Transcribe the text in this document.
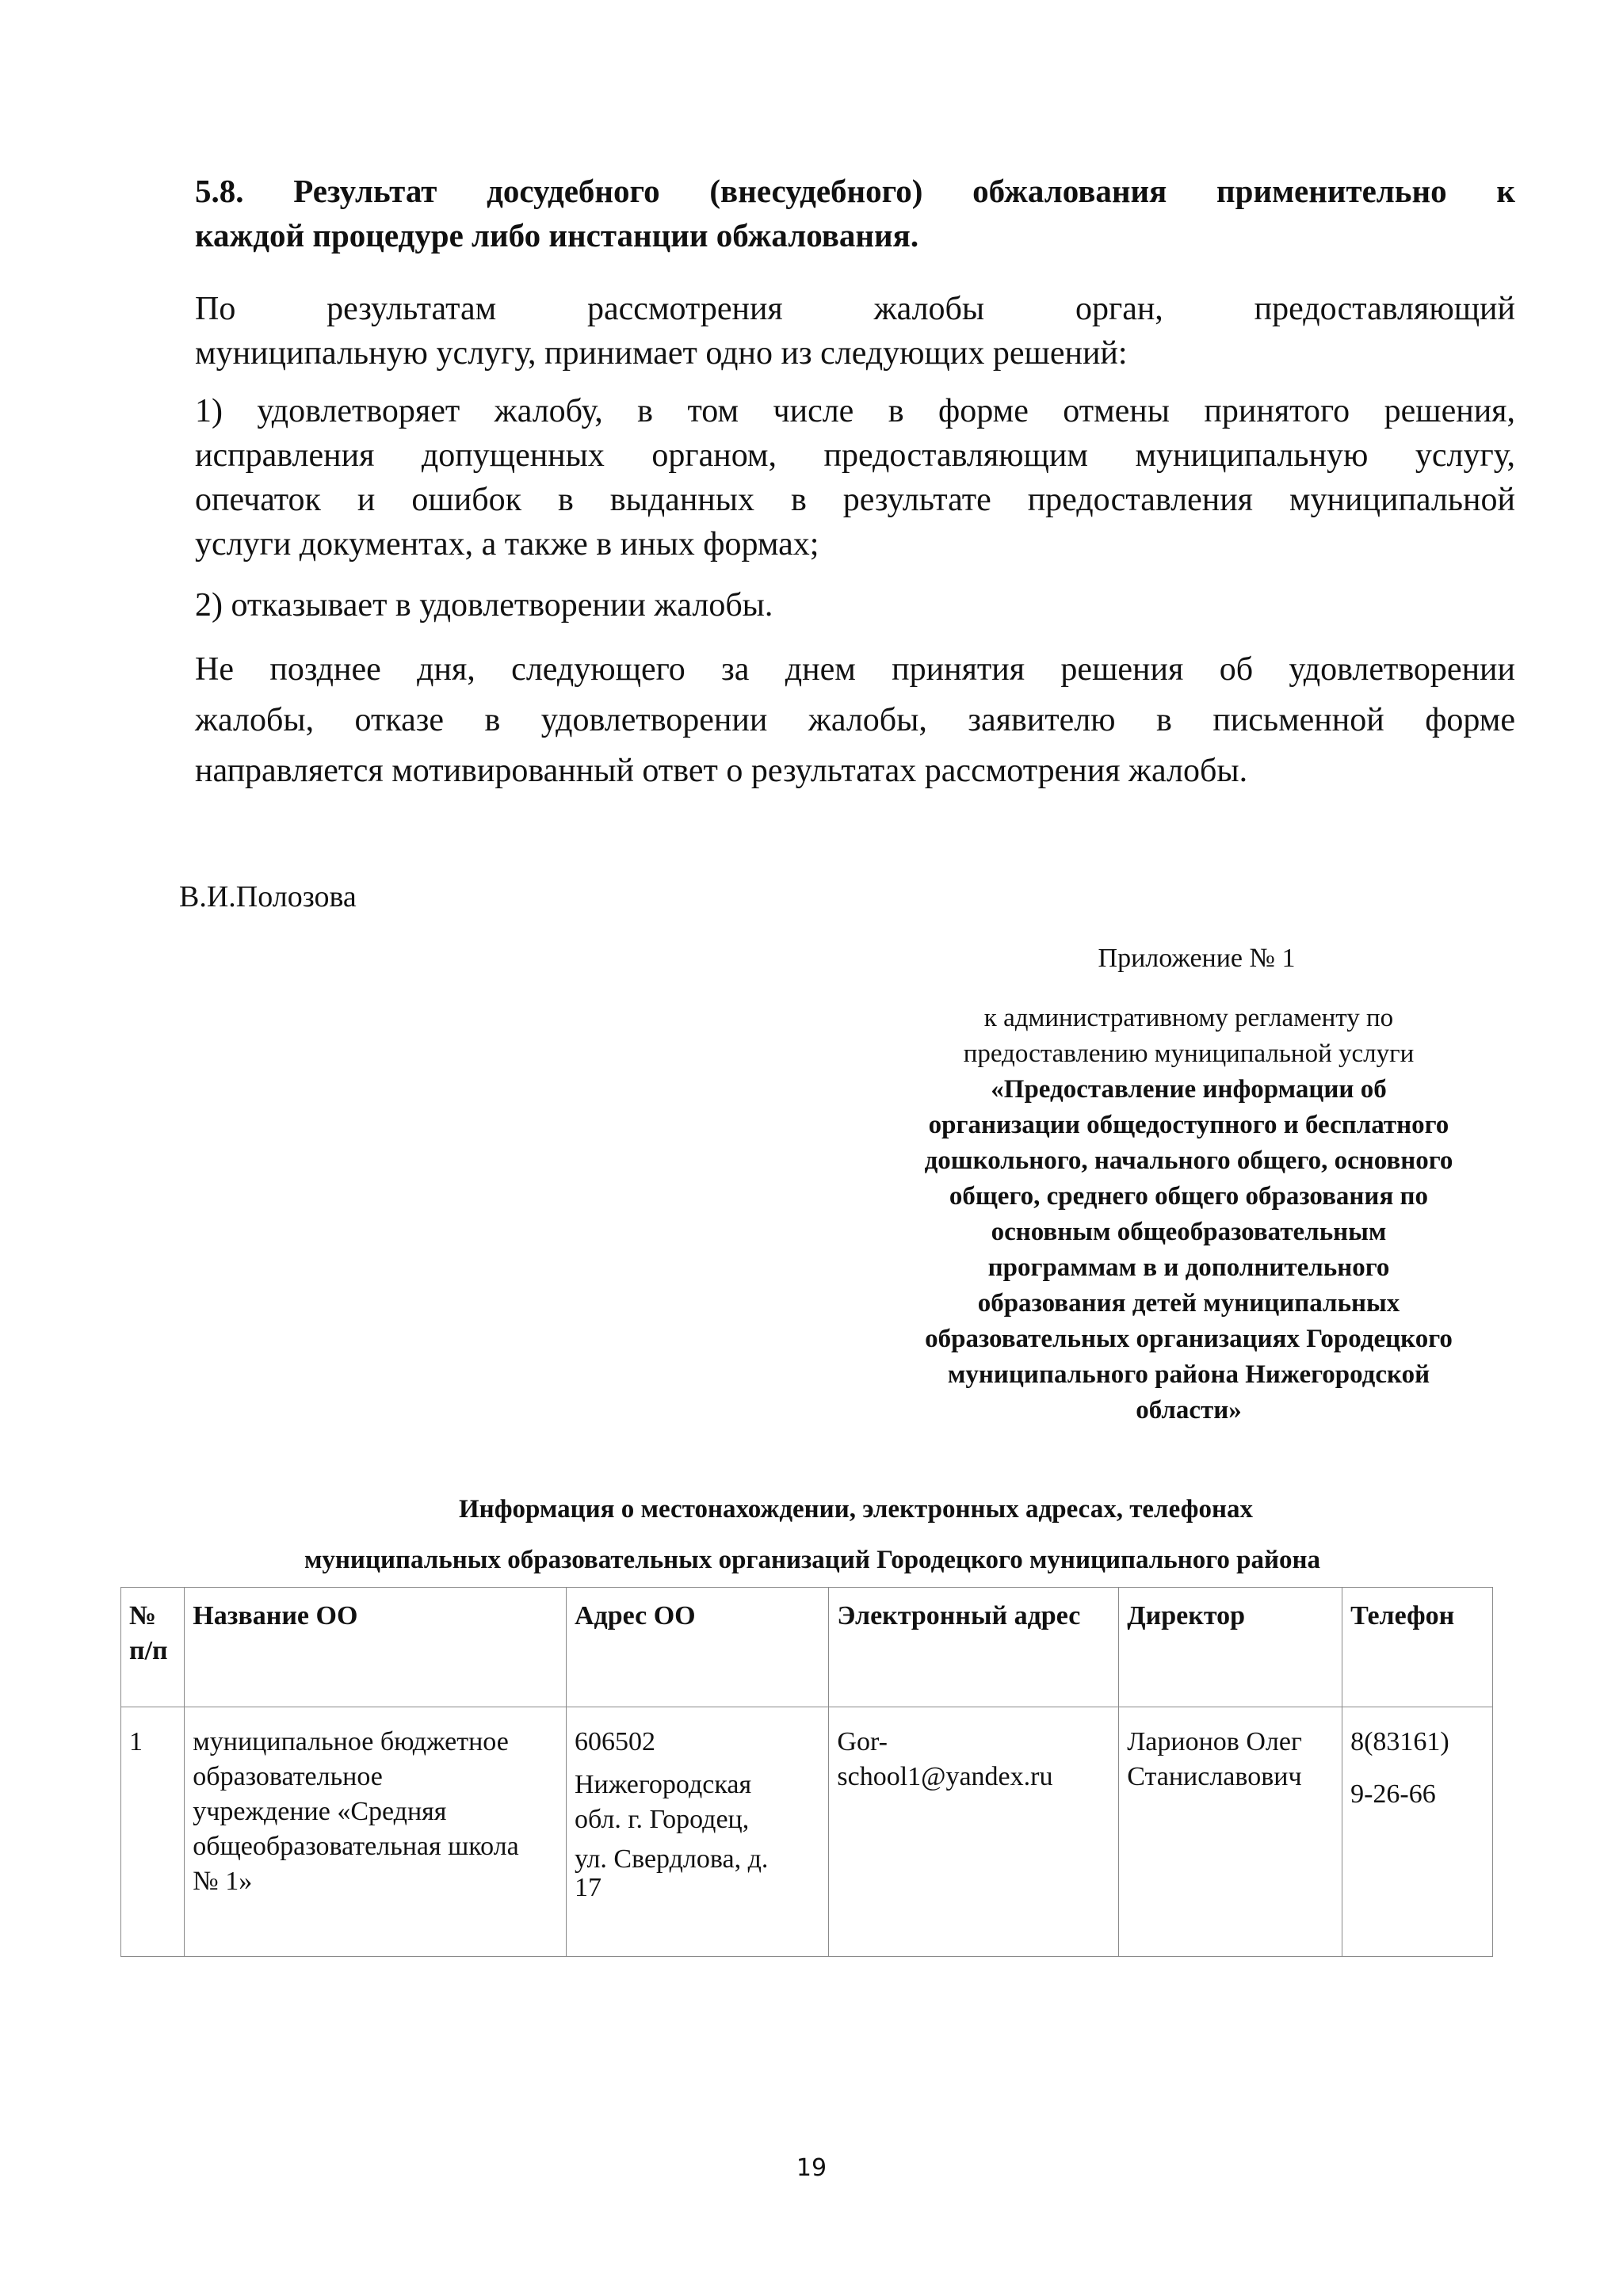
5.8. Результат досудебного (внесудебного) обжалования применительно к
каждой процедуре либо инстанции обжалования.

По результатам рассмотрения жалобы орган, предоставляющий
муниципальную услугу, принимает одно из следующих решений:

1) удовлетворяет жалобу, в том числе в форме отмены принятого решения,
исправления допущенных органом, предоставляющим муниципальную услугу,
опечаток и ошибок в выданных в результате предоставления муниципальной
услуги документах, а также в иных формах;

2) отказывает в удовлетворении жалобы.

Не позднее дня, следующего за днем принятия решения об удовлетворении
жалобы, отказе в удовлетворении жалобы, заявителю в письменной форме
направляется мотивированный ответ о результатах рассмотрения жалобы.

В.И.Полозова

Приложение № 1

к административному регламенту по
предоставлению муниципальной услуги
«Предоставление информации об
организации общедоступного и бесплатного
дошкольного, начального общего, основного
общего, среднего общего образования по
основным общеобразовательным
программам в и дополнительного
образования детей муниципальных
образовательных организациях Городецкого
муниципального района Нижегородской
области»

Информация о местонахождении, электронных адресах, телефонах

муниципальных образовательных организаций Городецкого муниципального района

№
п/п	Название ОО	Адрес ОО	Электронный адрес	Директор	Телефон
1	муниципальное бюджетное
образовательное
учреждение «Средняя
общеобразовательная школа
№ 1»	606502
Нижегородская
обл. г. Городец,
ул. Свердлова, д.
17	Gor-
school1@yandex.ru	Ларионов Олег
Станиславович	8(83161)
9-26-66

19
